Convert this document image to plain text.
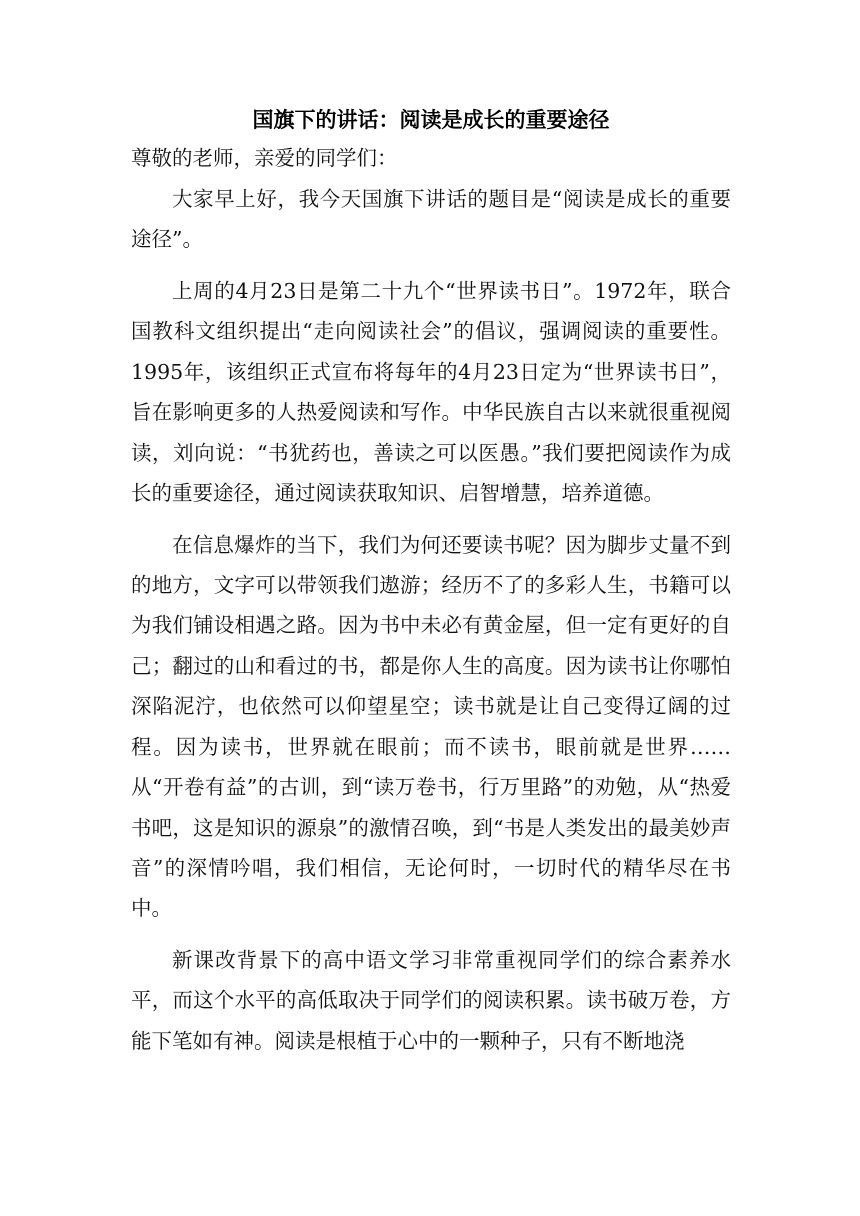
国旗下的讲话：阅读是成长的重要途径

尊敬的老师，亲爱的同学们：

大家早上好，我今天国旗下讲话的题目是“阅读是成长的重要途径”。

上周的4月23日是第二十九个“世界读书日”。1972年，联合国教科文组织提出“走向阅读社会”的倡议，强调阅读的重要性。1995年，该组织正式宣布将每年的4月23日定为“世界读书日”，旨在影响更多的人热爱阅读和写作。中华民族自古以来就很重视阅读，刘向说：“书犹药也，善读之可以医愚。”我们要把阅读作为成长的重要途径，通过阅读获取知识、启智增慧，培养道德。

在信息爆炸的当下，我们为何还要读书呢？因为脚步丈量不到的地方，文字可以带领我们遨游；经历不了的多彩人生，书籍可以为我们铺设相遇之路。因为书中未必有黄金屋，但一定有更好的自己；翻过的山和看过的书，都是你人生的高度。因为读书让你哪怕深陷泥泞，也依然可以仰望星空；读书就是让自己变得辽阔的过程。因为读书，世界就在眼前；而不读书，眼前就是世界……从“开卷有益”的古训，到“读万卷书，行万里路”的劝勉，从“热爱书吧，这是知识的源泉”的激情召唤，到“书是人类发出的最美妙声音”的深情吟唱，我们相信，无论何时，一切时代的精华尽在书中。

新课改背景下的高中语文学习非常重视同学们的综合素养水平，而这个水平的高低取决于同学们的阅读积累。读书破万卷，方能下笔如有神。阅读是根植于心中的一颗种子，只有不断地浇
